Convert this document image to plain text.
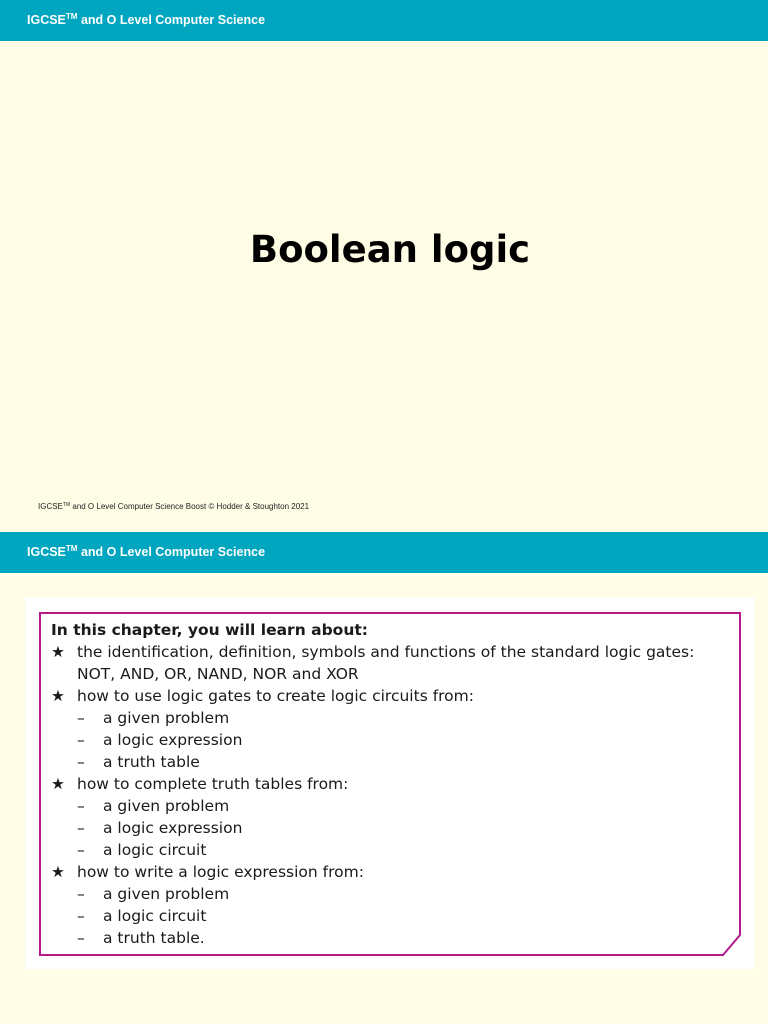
IGCSE™ and O Level Computer Science
Boolean logic
IGCSE™ and O Level Computer Science Boost © Hodder & Stoughton 2021
IGCSE™ and O Level Computer Science
In this chapter, you will learn about:
★ the identification, definition, symbols and functions of the standard logic gates:
NOT, AND, OR, NAND, NOR and XOR
★ how to use logic gates to create logic circuits from:
– a given problem
– a logic expression
– a truth table
★ how to complete truth tables from:
– a given problem
– a logic expression
– a logic circuit
★ how to write a logic expression from:
– a given problem
– a logic circuit
– a truth table.
